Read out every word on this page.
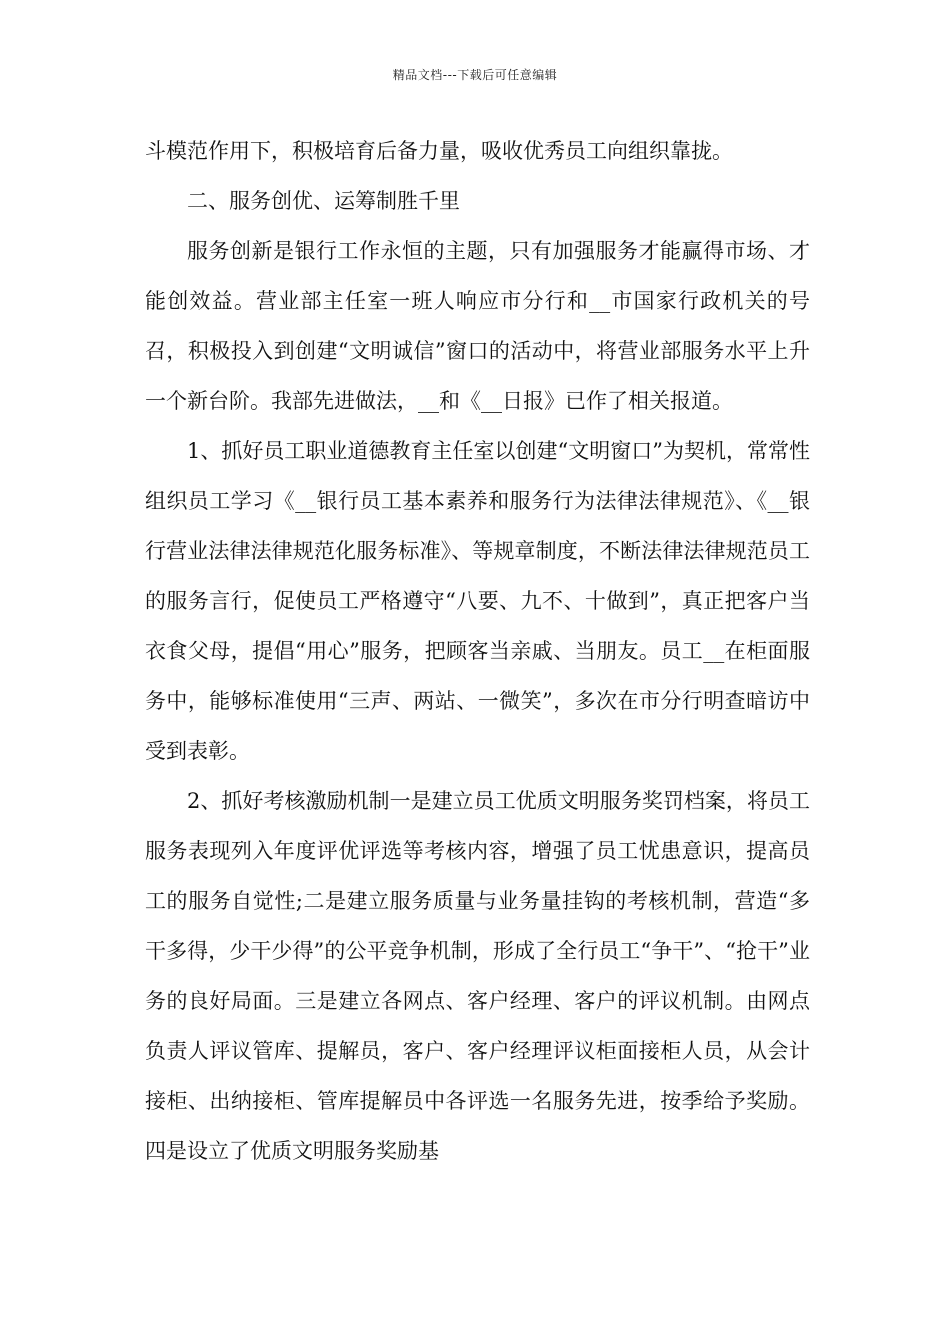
精品文档---下载后可任意编辑

斗模范作用下，积极培育后备力量，吸收优秀员工向组织靠拢。

二、服务创优、运筹制胜千里

服务创新是银行工作永恒的主题，只有加强服务才能赢得市场、才能创效益。营业部主任室一班人响应市分行和__市国家行政机关的号召，积极投入到创建“文明诚信”窗口的活动中，将营业部服务水平上升一个新台阶。我部先进做法，__和《__日报》已作了相关报道。

1、抓好员工职业道德教育主任室以创建“文明窗口”为契机，常常性组织员工学习《__银行员工基本素养和服务行为法律法律规范》、《__银行营业法律法律规范化服务标准》、等规章制度，不断法律法律规范员工的服务言行，促使员工严格遵守“八要、九不、十做到”，真正把客户当衣食父母，提倡“用心”服务，把顾客当亲戚、当朋友。员工__在柜面服务中，能够标准使用“三声、两站、一微笑”，多次在市分行明查暗访中受到表彰。

2、抓好考核激励机制一是建立员工优质文明服务奖罚档案，将员工服务表现列入年度评优评选等考核内容，增强了员工忧患意识，提高员工的服务自觉性;二是建立服务质量与业务量挂钩的考核机制，营造“多干多得，少干少得”的公平竞争机制，形成了全行员工“争干”、“抢干”业务的良好局面。三是建立各网点、客户经理、客户的评议机制。由网点负责人评议管库、提解员，客户、客户经理评议柜面接柜人员，从会计接柜、出纳接柜、管库提解员中各评选一名服务先进，按季给予奖励。四是设立了优质文明服务奖励基
